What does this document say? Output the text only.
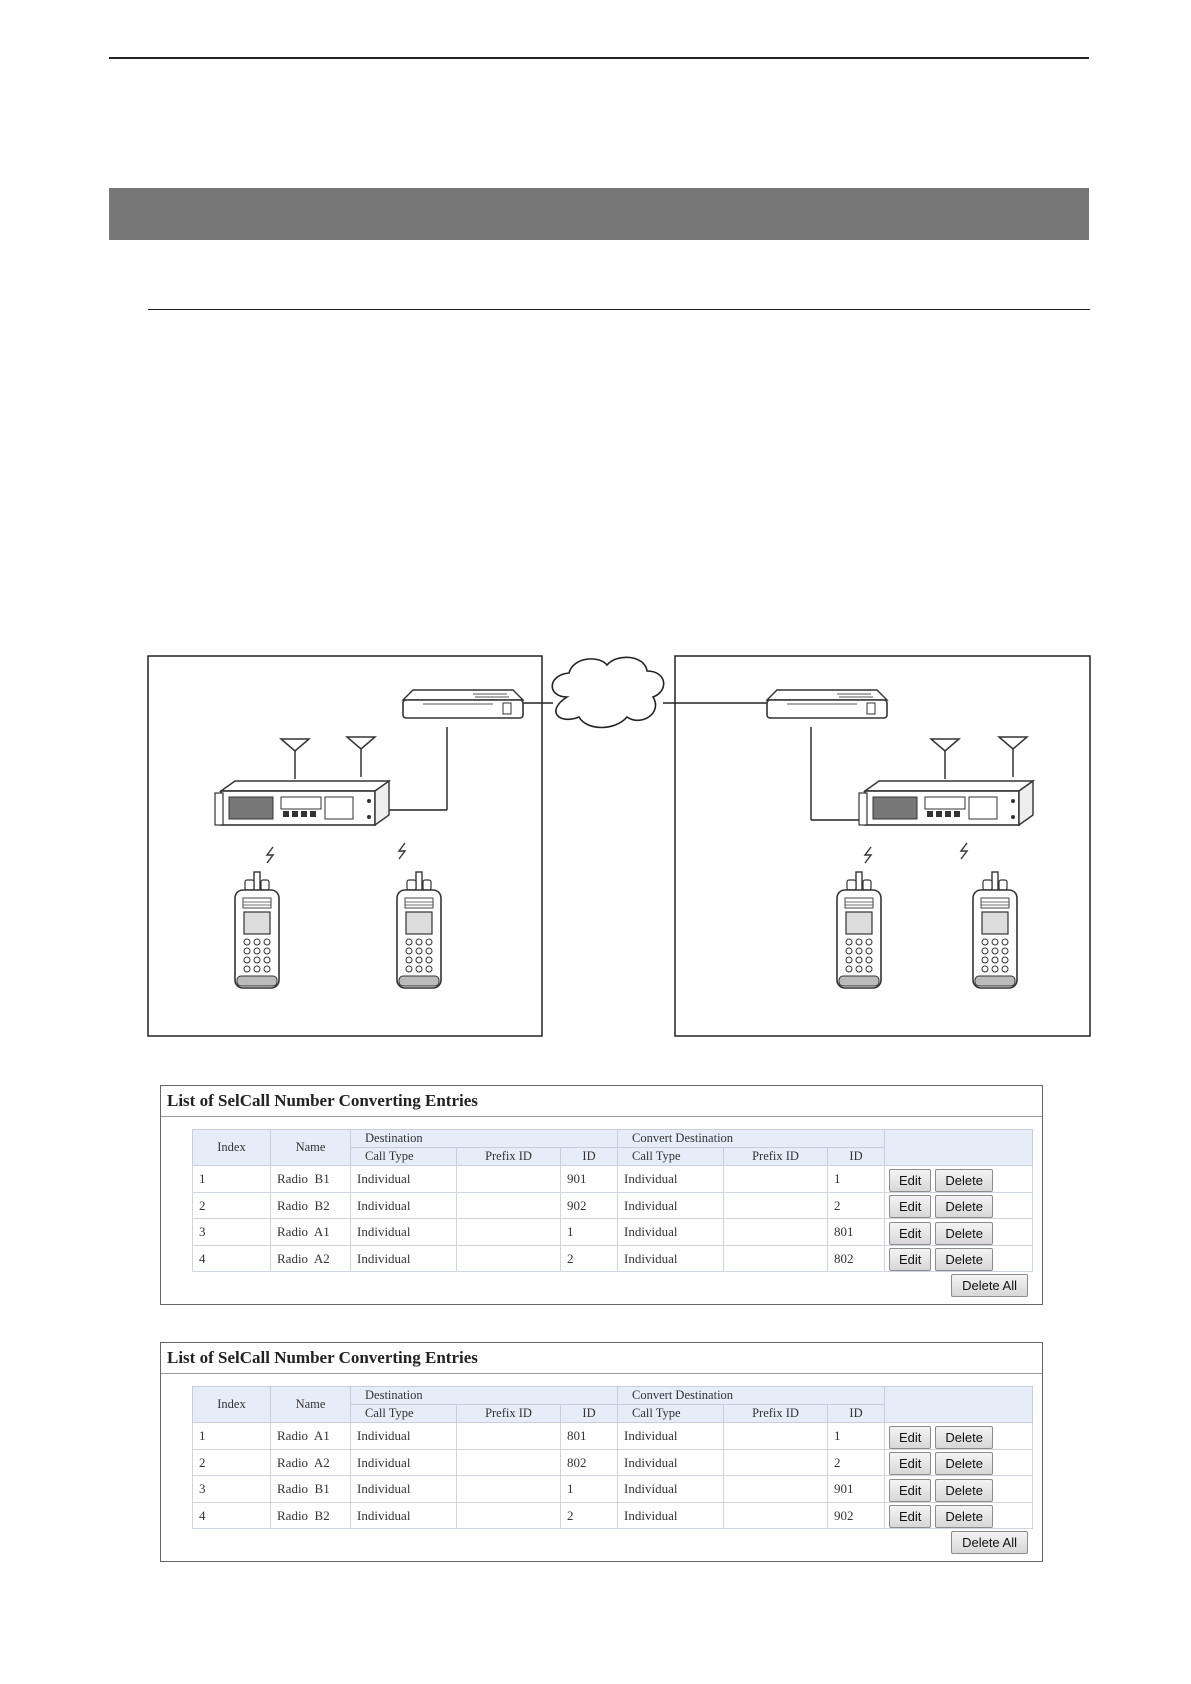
List of SelCall Number Converting Entries
Index	Name	Destination			Convert Destination			
		Call Type	Prefix ID	ID	Call Type	Prefix ID	ID	
1	Radio  B1	Individual		901	Individual		1	Edit Delete
2	Radio  B2	Individual		902	Individual		2	Edit Delete
3	Radio  A1	Individual		1	Individual		801	Edit Delete
4	Radio  A2	Individual		2	Individual		802	Edit Delete
Delete All
List of SelCall Number Converting Entries
Index	Name	Destination			Convert Destination			
		Call Type	Prefix ID	ID	Call Type	Prefix ID	ID	
1	Radio  A1	Individual		801	Individual		1	Edit Delete
2	Radio  A2	Individual		802	Individual		2	Edit Delete
3	Radio  B1	Individual		1	Individual		901	Edit Delete
4	Radio  B2	Individual		2	Individual		902	Edit Delete
Delete All
